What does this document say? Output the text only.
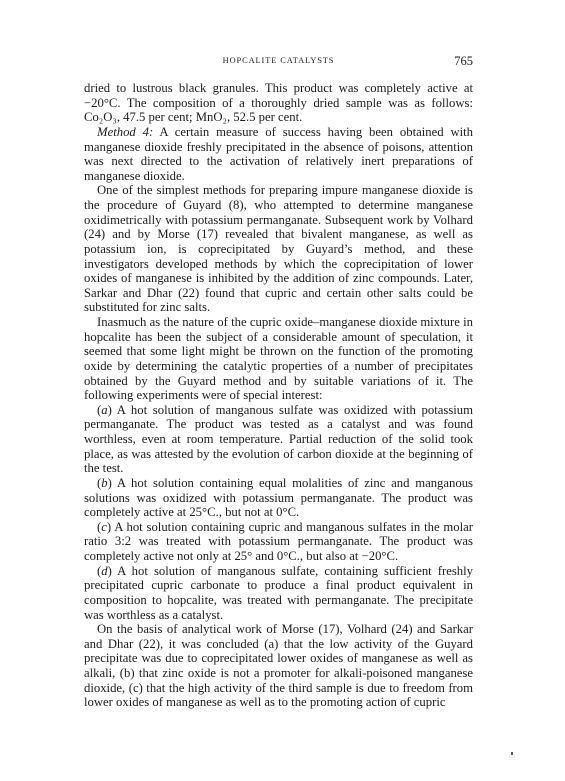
HOPCALITE CATALYSTS	765

dried to lustrous black granules. This product was completely active at −20°C. The composition of a thoroughly dried sample was as follows: Co₂O₃, 47.5 per cent; MnO₂, 52.5 per cent.

Method 4: A certain measure of success having been obtained with manganese dioxide freshly precipitated in the absence of poisons, attention was next directed to the activation of relatively inert preparations of manganese dioxide.

One of the simplest methods for preparing impure manganese dioxide is the procedure of Guyard (8), who attempted to determine manganese oxidimetrically with potassium permanganate. Subsequent work by Volhard (24) and by Morse (17) revealed that bivalent manganese, as well as potassium ion, is coprecipitated by Guyard’s method, and these investigators developed methods by which the coprecipitation of lower oxides of manganese is inhibited by the addition of zinc compounds. Later, Sarkar and Dhar (22) found that cupric and certain other salts could be substituted for zinc salts.

Inasmuch as the nature of the cupric oxide–manganese dioxide mixture in hopcalite has been the subject of a considerable amount of speculation, it seemed that some light might be thrown on the function of the promoting oxide by determining the catalytic properties of a number of precipitates obtained by the Guyard method and by suitable variations of it. The following experiments were of special interest:

(a) A hot solution of manganous sulfate was oxidized with potassium permanganate. The product was tested as a catalyst and was found worthless, even at room temperature. Partial reduction of the solid took place, as was attested by the evolution of carbon dioxide at the beginning of the test.

(b) A hot solution containing equal molalities of zinc and manganous solutions was oxidized with potassium permanganate. The product was completely active at 25°C., but not at 0°C.

(c) A hot solution containing cupric and manganous sulfates in the molar ratio 3:2 was treated with potassium permanganate. The product was completely active not only at 25° and 0°C., but also at −20°C.

(d) A hot solution of manganous sulfate, containing sufficient freshly precipitated cupric carbonate to produce a final product equivalent in composition to hopcalite, was treated with permanganate. The precipitate was worthless as a catalyst.

On the basis of analytical work of Morse (17), Volhard (24) and Sarkar and Dhar (22), it was concluded (a) that the low activity of the Guyard precipitate was due to coprecipitated lower oxides of manganese as well as alkali, (b) that zinc oxide is not a promoter for alkali-poisoned manganese dioxide, (c) that the high activity of the third sample is due to freedom from lower oxides of manganese as well as to the promoting action of cupric
